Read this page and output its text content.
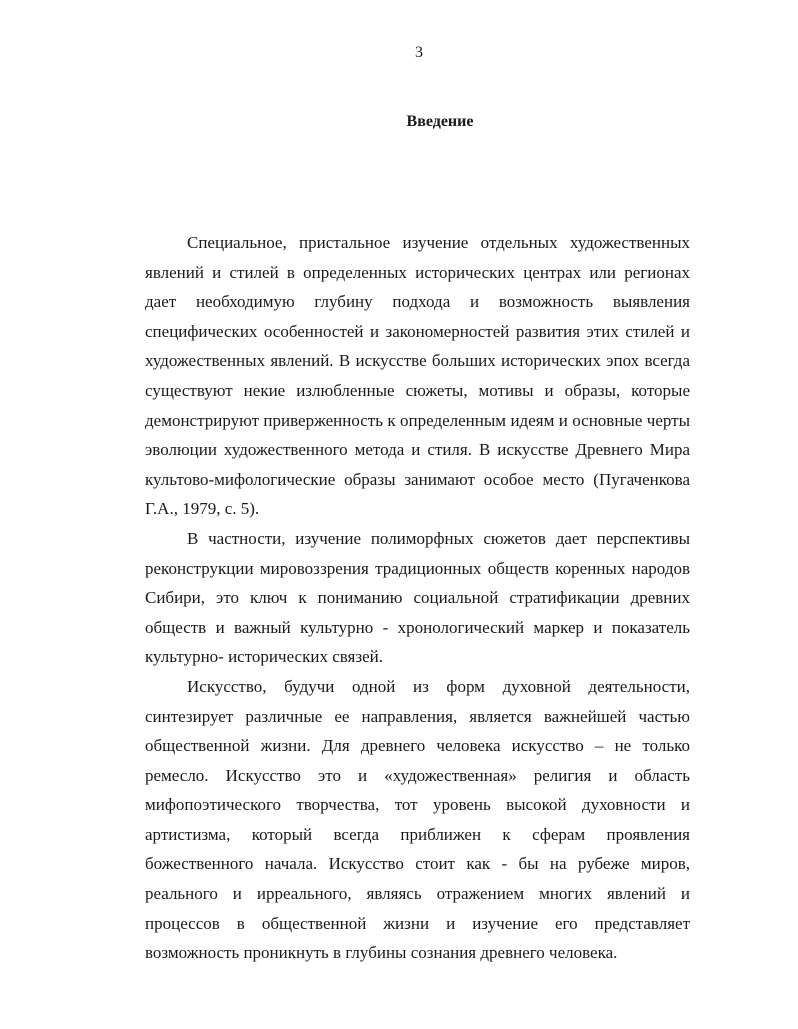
3
Введение

Специальное, пристальное изучение отдельных художественных явлений и стилей в определенных исторических центрах или регионах дает необходимую глубину подхода и возможность выявления специфических особенностей и закономерностей развития этих стилей и художественных явлений. В искусстве больших исторических эпох всегда существуют некие излюбленные сюжеты, мотивы и образы, которые демонстрируют приверженность к определенным идеям и основные черты эволюции художественного метода и стиля. В искусстве Древнего Мира культово-мифологические образы занимают особое место (Пугаченкова Г.А., 1979, с. 5).

В частности, изучение полиморфных сюжетов дает перспективы реконструкции мировоззрения традиционных обществ коренных народов Сибири, это ключ к пониманию социальной стратификации древних обществ и важный культурно - хронологический маркер и показатель культурно- исторических связей.

Искусство, будучи одной из форм духовной деятельности, синтезирует различные ее направления, является важнейшей частью общественной жизни. Для древнего человека искусство – не только ремесло. Искусство это и «художественная» религия и область мифопоэтического творчества, тот уровень высокой духовности и артистизма, который всегда приближен к сферам проявления божественного начала. Искусство стоит как - бы на рубеже миров, реального и ирреального, являясь отражением многих явлений и процессов в общественной жизни и изучение его представляет возможность проникнуть в глубины сознания древнего человека.
